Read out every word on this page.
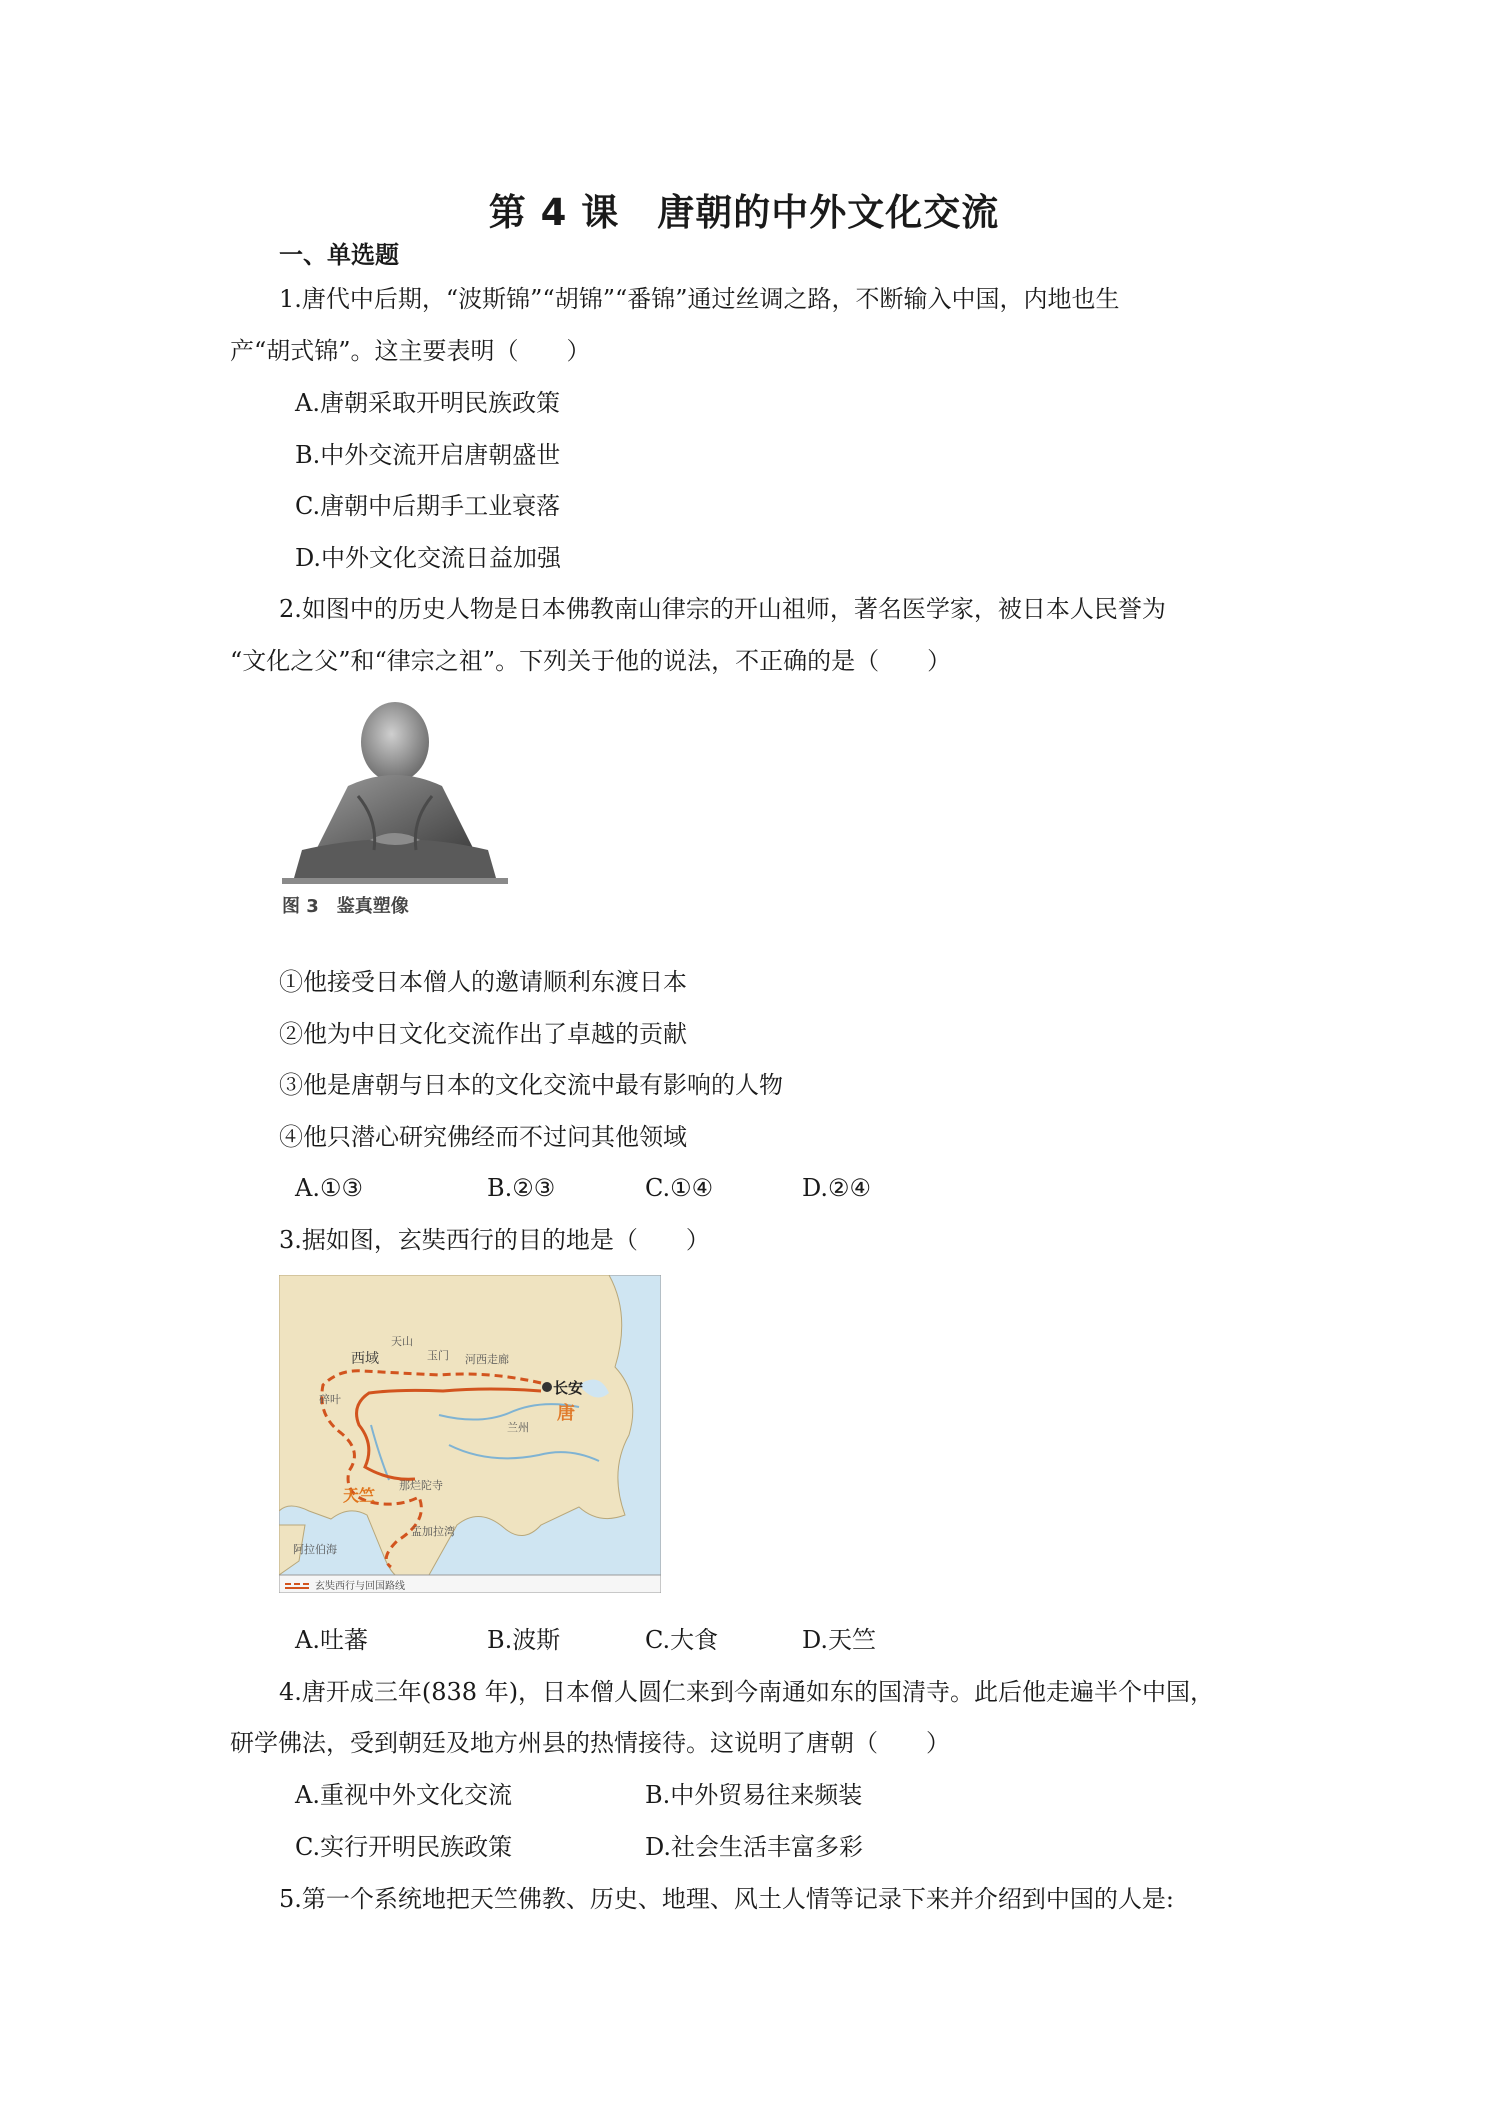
第 4 课　唐朝的中外文化交流
一、单选题
1.唐代中后期，“波斯锦”“胡锦”“番锦”通过丝调之路，不断输入中国，内地也生
产“胡式锦”。这主要表明（　　）
A.唐朝采取开明民族政策
B.中外交流开启唐朝盛世
C.唐朝中后期手工业衰落
D.中外文化交流日益加强
2.如图中的历史人物是日本佛教南山律宗的开山祖师，著名医学家，被日本人民誉为
“文化之父”和“律宗之祖”。下列关于他的说法，不正确的是（　　）
图 3　鉴真塑像
①他接受日本僧人的邀请顺利东渡日本
②他为中日文化交流作出了卓越的贡献
③他是唐朝与日本的文化交流中最有影响的人物
④他只潜心研究佛经而不过问其他领域
A.①③	B.②③	C.①④	D.②④
3.据如图，玄奘西行的目的地是（　　）
天山
西域	玉门 河西走廊
长安
唐
碎叶
兰州
天竺
那烂陀寺
孟加拉湾
阿拉伯海
玄奘西行与回国路线
A.吐蕃	B.波斯	C.大食	D.天竺
4.唐开成三年(838 年)，日本僧人圆仁来到今南通如东的国清寺。此后他走遍半个中国，
研学佛法，受到朝廷及地方州县的热情接待。这说明了唐朝（　　）
A.重视中外文化交流	B.中外贸易往来频装
C.实行开明民族政策	D.社会生活丰富多彩
5.第一个系统地把天竺佛教、历史、地理、风土人情等记录下来并介绍到中国的人是:
